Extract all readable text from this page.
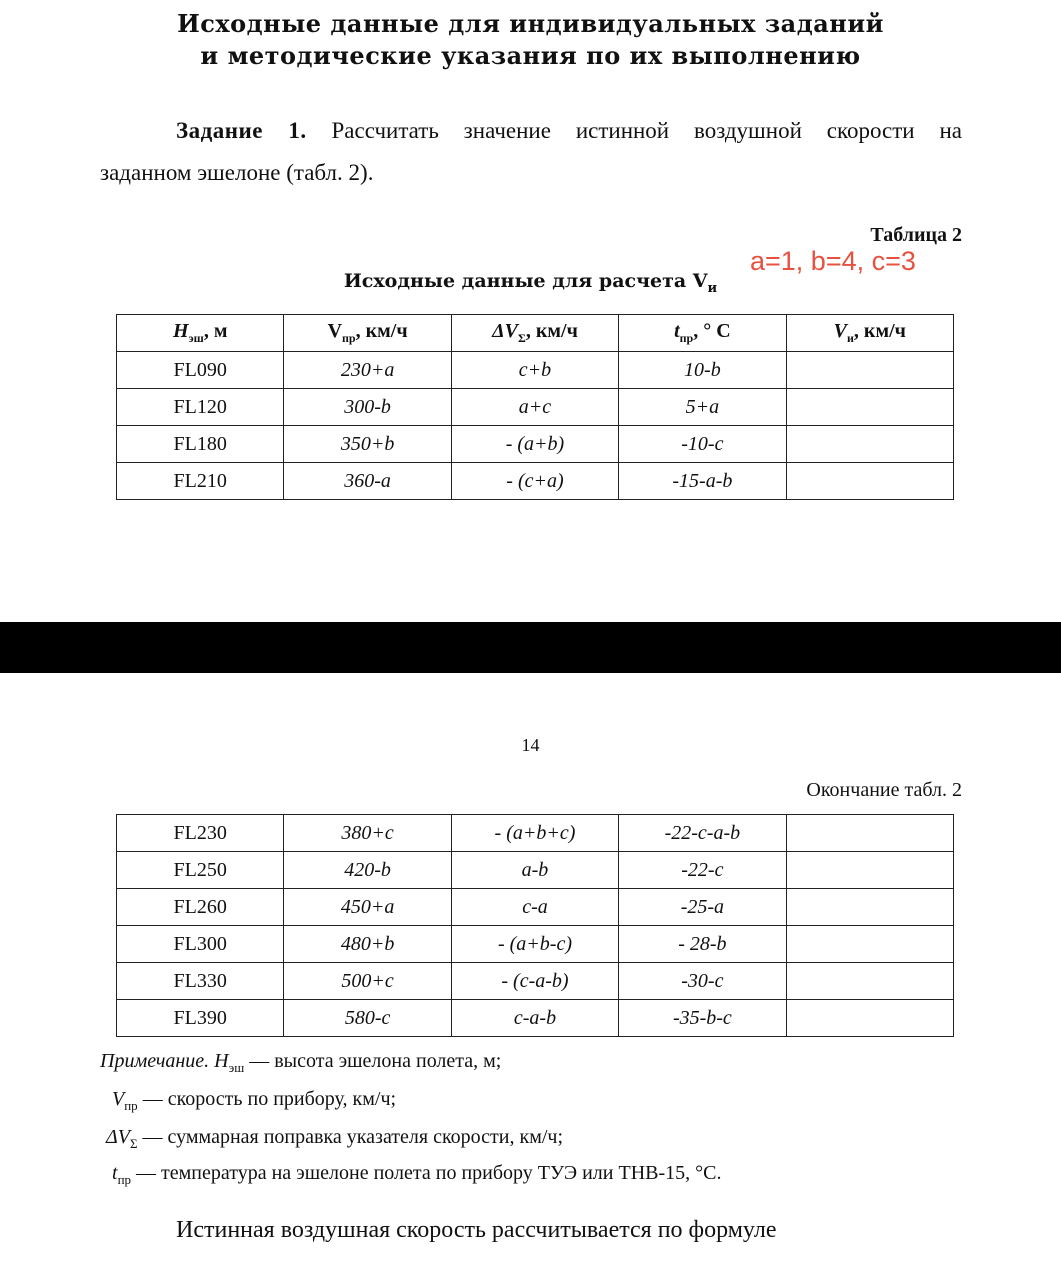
Исходные данные для индивидуальных заданий
и методические указания по их выполнению
Задание 1. Рассчитать значение истинной воздушной скорости на
заданном эшелоне (табл. 2).
Таблица 2
a=1, b=4, c=3
Исходные данные для расчета $V_и$
$H_{эш}$, м	$V_{пр}$, км/ч	$\Delta V_\Sigma$, км/ч	$t_{пр}$, ° С	$V_и$, км/ч
FL090	230+a	c+b	10-b	
FL120	300-b	a+c	5+a	
FL180	350+b	- (a+b)	-10-c	
FL210	360-a	- (c+a)	-15-a-b	
14
Окончание табл. 2
FL230	380+c	- (a+b+c)	-22-c-a-b	
FL250	420-b	a-b	-22-c	
FL260	450+a	c-a	-25-a	
FL300	480+b	- (a+b-c)	- 28-b	
FL330	500+c	- (c-a-b)	-30-c	
FL390	580-c	c-a-b	-35-b-c	
Примечание. $H_{эш}$ — высота эшелона полета, м;
$V_{пр}$ — скорость по прибору, км/ч;
$\Delta V_\Sigma$ — суммарная поправка указателя скорости, км/ч;
$t_{пр}$ — температура на эшелоне полета по прибору ТУЭ или ТНВ-15, °С.
Истинная воздушная скорость рассчитывается по формуле
